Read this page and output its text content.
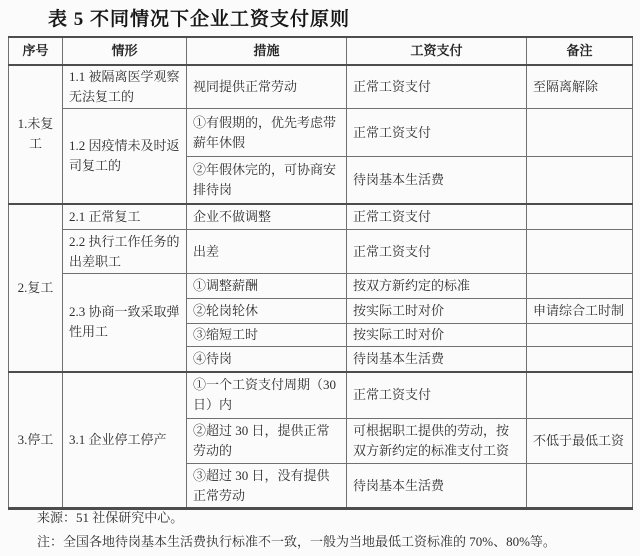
表 5 不同情况下企业工资支付原则
序号	情形	措施	工资支付	备注
1.未复工	1.1 被隔离医学观察无法复工的	视同提供正常劳动	正常工资支付	至隔离解除
	1.2 因疫情未及时返司复工的	①有假期的，优先考虑带薪年休假	正常工资支付	
		②年假休完的，可协商安排待岗	待岗基本生活费	
2.复工	2.1 正常复工	企业不做调整	正常工资支付	
	2.2 执行工作任务的出差职工	出差	正常工资支付	
	2.3 协商一致采取弹性用工	①调整薪酬	按双方新约定的标准	
		②轮岗轮休	按实际工时对价	申请综合工时制
		③缩短工时	按实际工时对价	
		④待岗	待岗基本生活费	
3.停工	3.1 企业停工停产	①一个工资支付周期（30 日）内	正常工资支付	
		②超过 30 日，提供正常劳动的	可根据职工提供的劳动，按双方新约定的标准支付工资	不低于最低工资
		③超过 30 日，没有提供正常劳动	待岗基本生活费	
来源：51 社保研究中心。
注：全国各地待岗基本生活费执行标准不一致，一般为当地最低工资标准的 70%、80%等。
